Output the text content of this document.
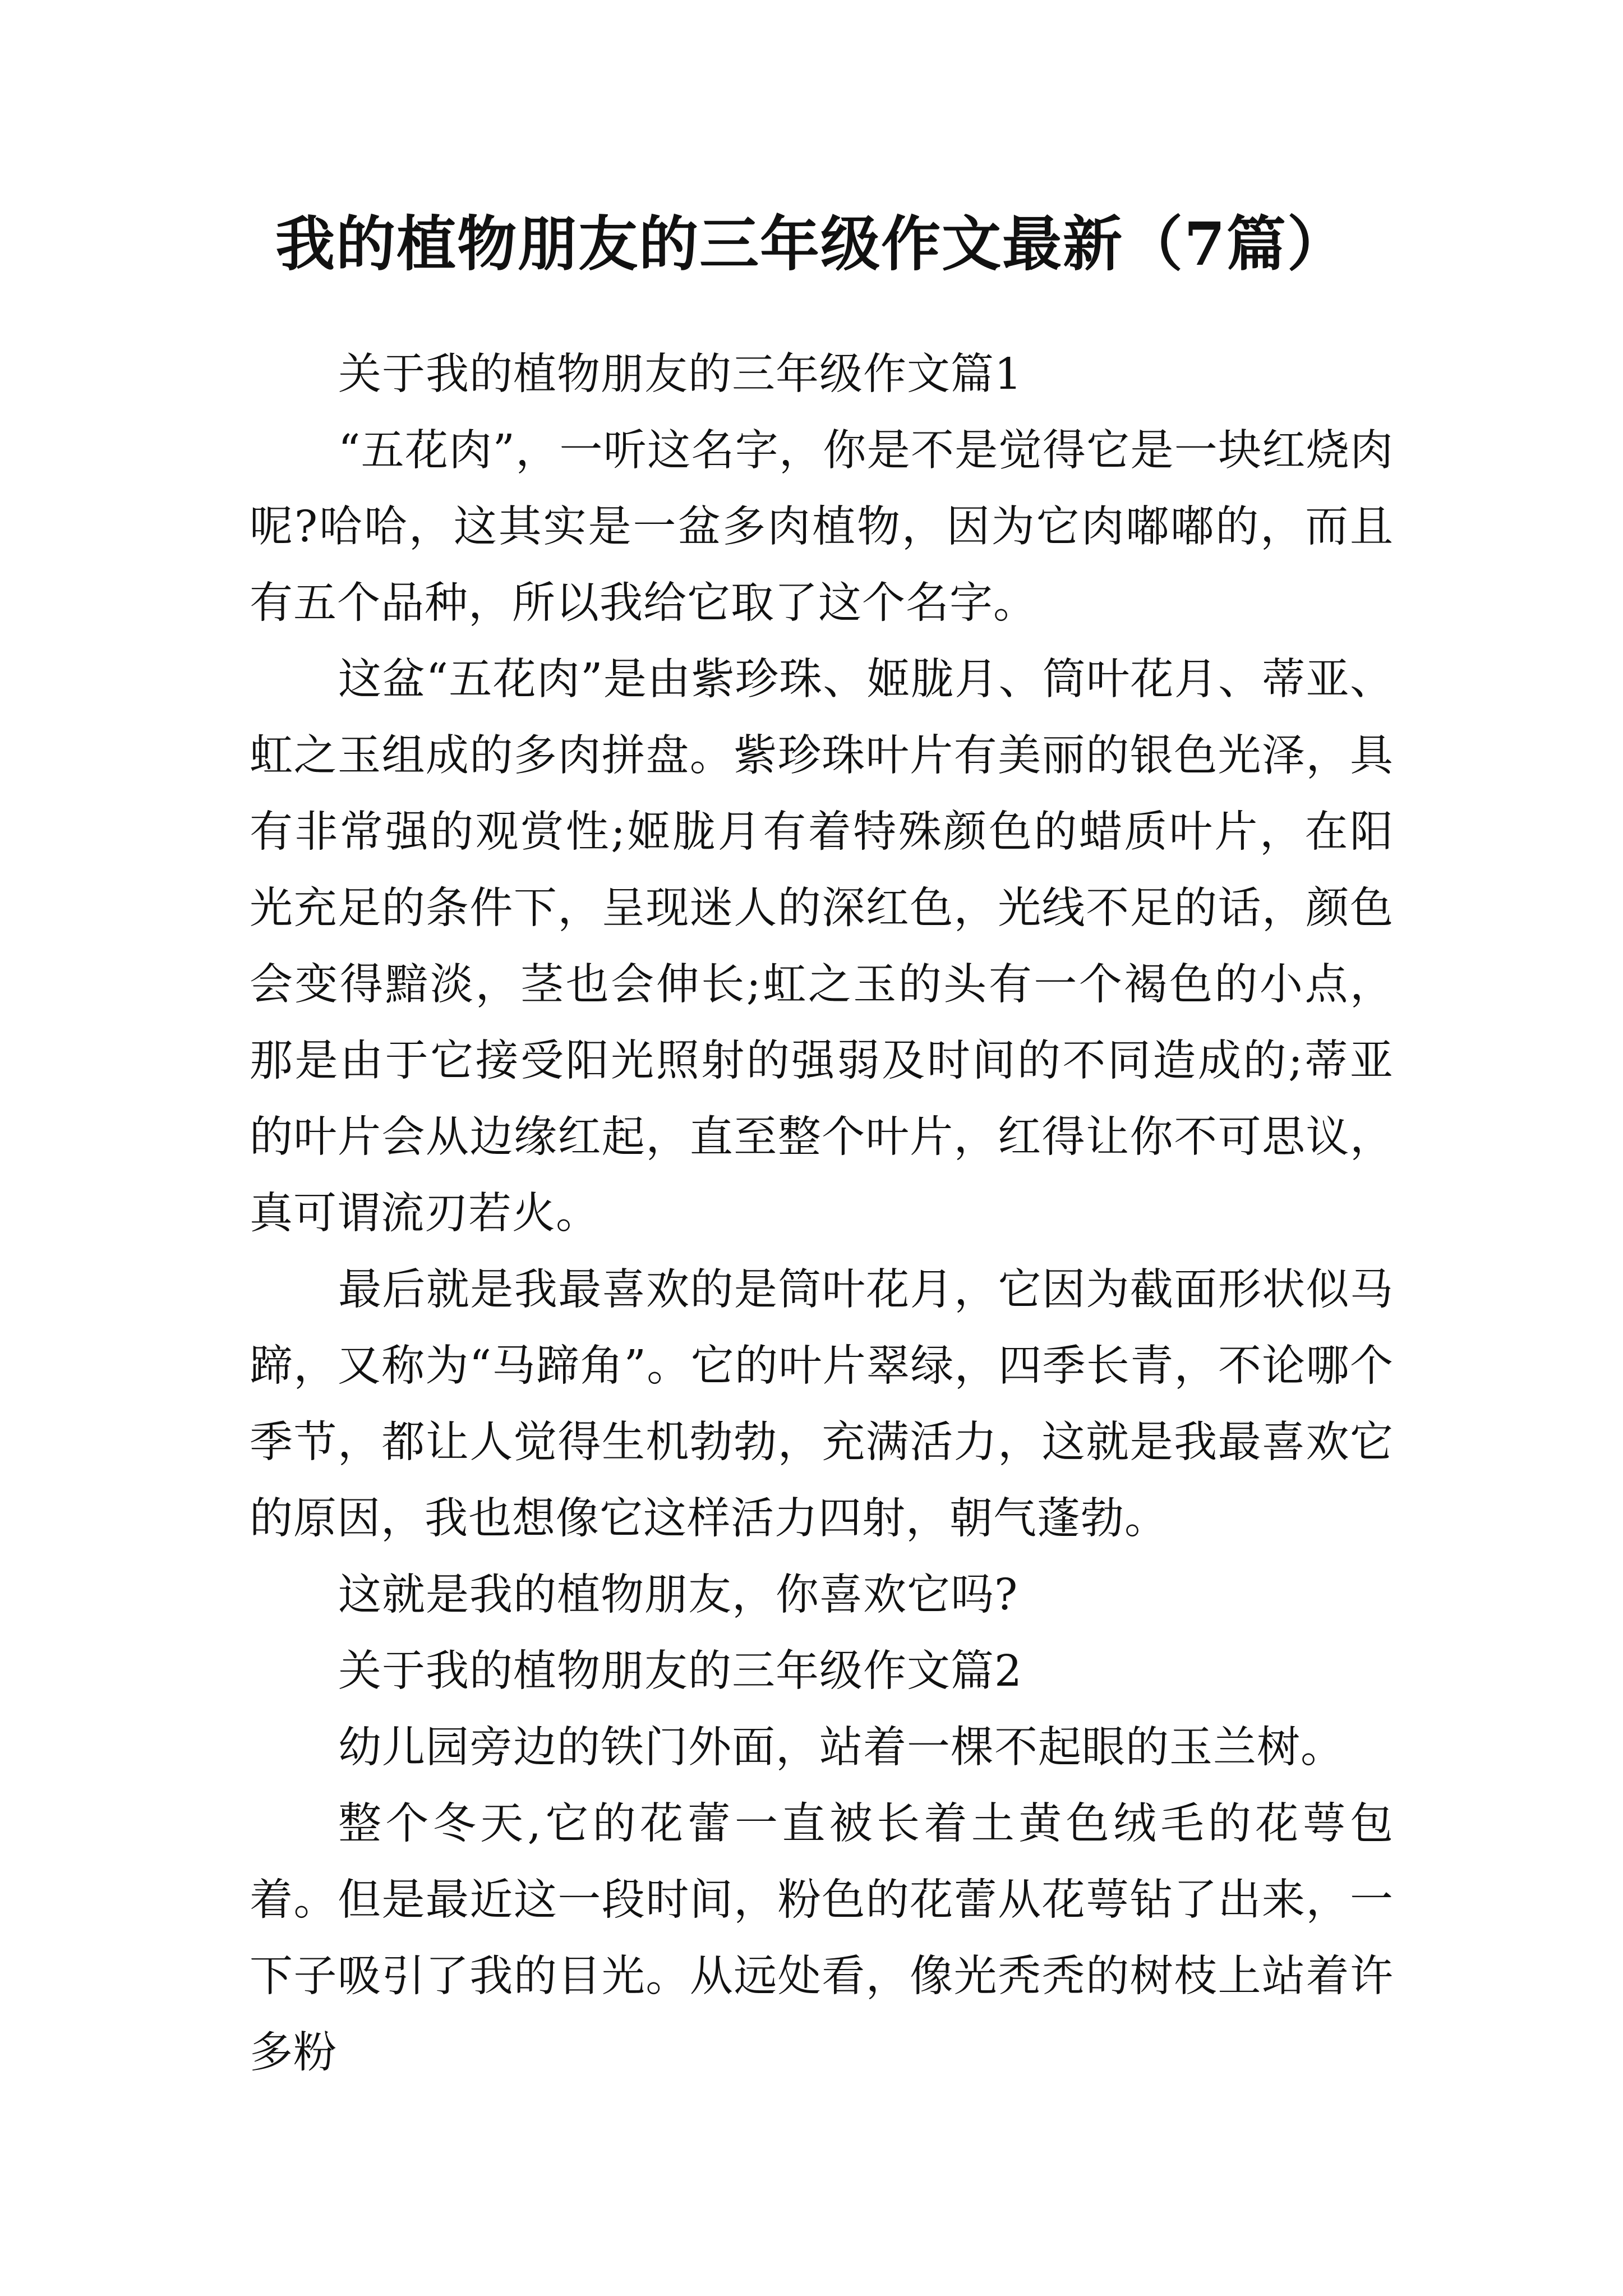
我的植物朋友的三年级作文最新（7篇）

关于我的植物朋友的三年级作文篇1

“五花肉”，一听这名字，你是不是觉得它是一块红烧肉呢?哈哈，这其实是一盆多肉植物，因为它肉嘟嘟的，而且有五个品种，所以我给它取了这个名字。

这盆“五花肉”是由紫珍珠、姬胧月、筒叶花月、蒂亚、虹之玉组成的多肉拼盘。紫珍珠叶片有美丽的银色光泽，具有非常强的观赏性;姬胧月有着特殊颜色的蜡质叶片，在阳光充足的条件下，呈现迷人的深红色，光线不足的话，颜色会变得黯淡，茎也会伸长;虹之玉的头有一个褐色的小点，那是由于它接受阳光照射的强弱及时间的不同造成的;蒂亚的叶片会从边缘红起，直至整个叶片，红得让你不可思议，真可谓流刃若火。

最后就是我最喜欢的是筒叶花月，它因为截面形状似马蹄，又称为“马蹄角”。它的叶片翠绿，四季长青，不论哪个季节，都让人觉得生机勃勃，充满活力，这就是我最喜欢它的原因，我也想像它这样活力四射，朝气蓬勃。

这就是我的植物朋友，你喜欢它吗?

关于我的植物朋友的三年级作文篇2

幼儿园旁边的铁门外面，站着一棵不起眼的玉兰树。

整个冬天,它的花蕾一直被长着土黄色绒毛的花萼包着。但是最近这一段时间，粉色的花蕾从花萼钻了出来，一下子吸引了我的目光。从远处看，像光秃秃的树枝上站着许多粉
